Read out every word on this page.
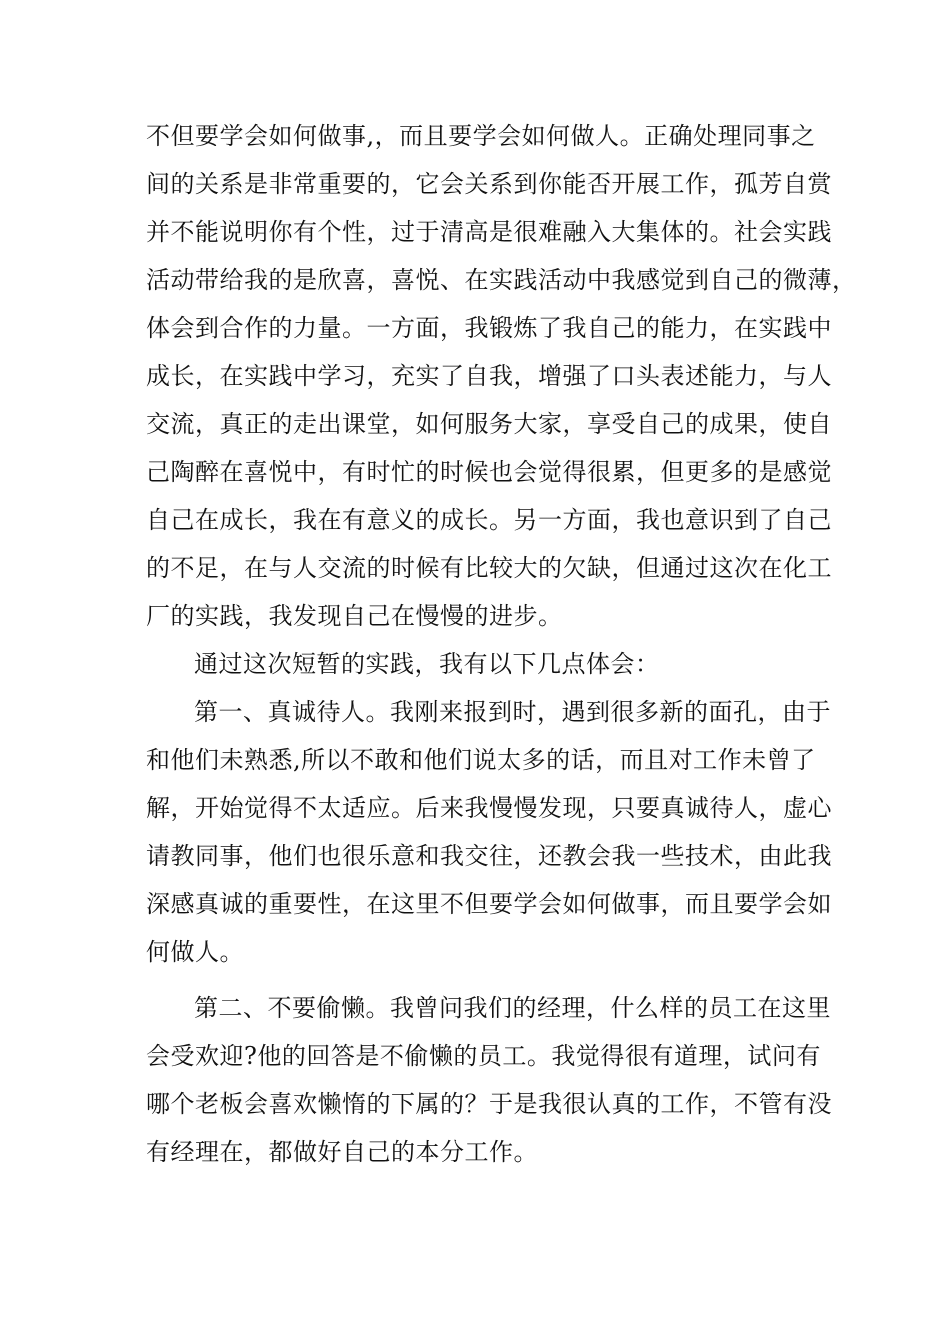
不但要学会如何做事,，而且要学会如何做人。正确处理同事之
间的关系是非常重要的，它会关系到你能否开展工作，孤芳自赏
并不能说明你有个性，过于清高是很难融入大集体的。社会实践
活动带给我的是欣喜，喜悦、在实践活动中我感觉到自己的微薄，
体会到合作的力量。一方面，我锻炼了我自己的能力，在实践中
成长，在实践中学习，充实了自我，增强了口头表述能力，与人
交流，真正的走出课堂，如何服务大家，享受自己的成果，使自
己陶醉在喜悦中，有时忙的时候也会觉得很累，但更多的是感觉
自己在成长，我在有意义的成长。另一方面，我也意识到了自己
的不足，在与人交流的时候有比较大的欠缺，但通过这次在化工
厂的实践，我发现自己在慢慢的进步。
通过这次短暂的实践，我有以下几点体会：
第一、真诚待人。我刚来报到时，遇到很多新的面孔，由于
和他们未熟悉,所以不敢和他们说太多的话，而且对工作未曾了
解，开始觉得不太适应。后来我慢慢发现，只要真诚待人，虚心
请教同事，他们也很乐意和我交往，还教会我一些技术，由此我
深感真诚的重要性，在这里不但要学会如何做事，而且要学会如
何做人。
第二、不要偷懒。我曾问我们的经理，什么样的员工在这里
会受欢迎?他的回答是不偷懒的员工。我觉得很有道理，试问有
哪个老板会喜欢懒惰的下属的？于是我很认真的工作，不管有没
有经理在，都做好自己的本分工作。
